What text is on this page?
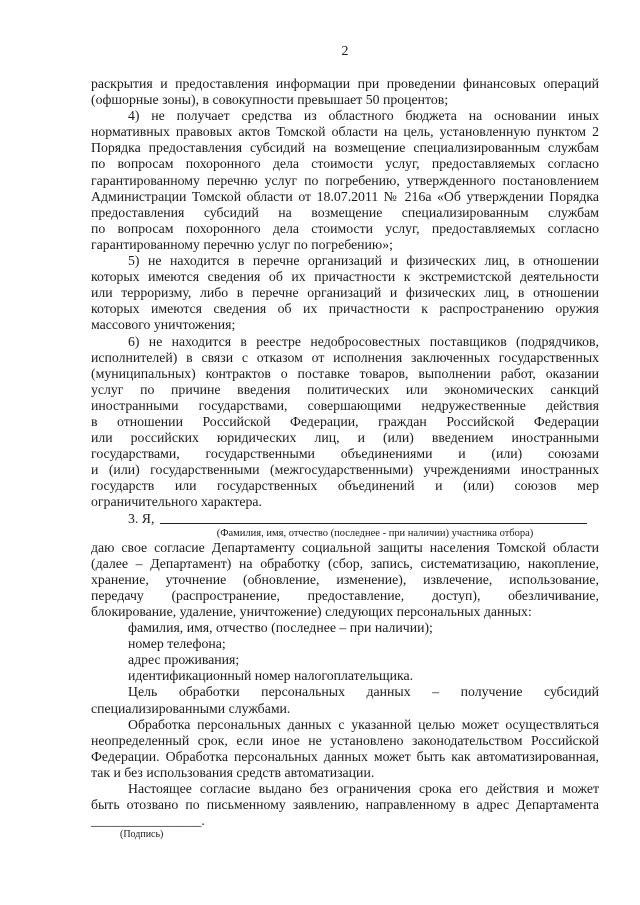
2
раскрытия и предоставления информации при проведении финансовых операций
(офшорные зоны), в совокупности превышает 50 процентов;
4) не получает средства из областного бюджета на основании иных
нормативных правовых актов Томской области на цель, установленную пунктом 2
Порядка предоставления субсидий на возмещение специализированным службам
по вопросам похоронного дела стоимости услуг, предоставляемых согласно
гарантированному перечню услуг по погребению, утвержденного постановлением
Администрации Томской области от 18.07.2011 № 216а «Об утверждении Порядка
предоставления субсидий на возмещение специализированным службам
по вопросам похоронного дела стоимости услуг, предоставляемых согласно
гарантированному перечню услуг по погребению»;
5) не находится в перечне организаций и физических лиц, в отношении
которых имеются сведения об их причастности к экстремистской деятельности
или терроризму, либо в перечне организаций и физических лиц, в отношении
которых имеются сведения об их причастности к распространению оружия
массового уничтожения;
6) не находится в реестре недобросовестных поставщиков (подрядчиков,
исполнителей) в связи с отказом от исполнения заключенных государственных
(муниципальных) контрактов о поставке товаров, выполнении работ, оказании
услуг по причине введения политических или экономических санкций
иностранными государствами, совершающими недружественные действия
в отношении Российской Федерации, граждан Российской Федерации
или российских юридических лиц, и (или) введением иностранными
государствами, государственными объединениями и (или) союзами
и (или) государственными (межгосударственными) учреждениями иностранных
государств или государственных объединений и (или) союзов мер
ограничительного характера.
3. Я,
(Фамилия, имя, отчество (последнее - при наличии) участника отбора)
даю свое согласие Департаменту социальной защиты населения Томской области
(далее – Департамент) на обработку (сбор, запись, систематизацию, накопление,
хранение, уточнение (обновление, изменение), извлечение, использование,
передачу (распространение, предоставление, доступ), обезличивание,
блокирование, удаление, уничтожение) следующих персональных данных:
фамилия, имя, отчество (последнее – при наличии);
номер телефона;
адрес проживания;
идентификационный номер налогоплательщика.
Цель обработки персональных данных – получение субсидий
специализированными службами.
Обработка персональных данных с указанной целью может осуществляться
неопределенный срок, если иное не установлено законодательством Российской
Федерации. Обработка персональных данных может быть как автоматизированная,
так и без использования средств автоматизации.
Настоящее согласие выдано без ограничения срока его действия и может
быть отозвано по письменному заявлению, направленному в адрес Департамента
________________.
(Подпись)
